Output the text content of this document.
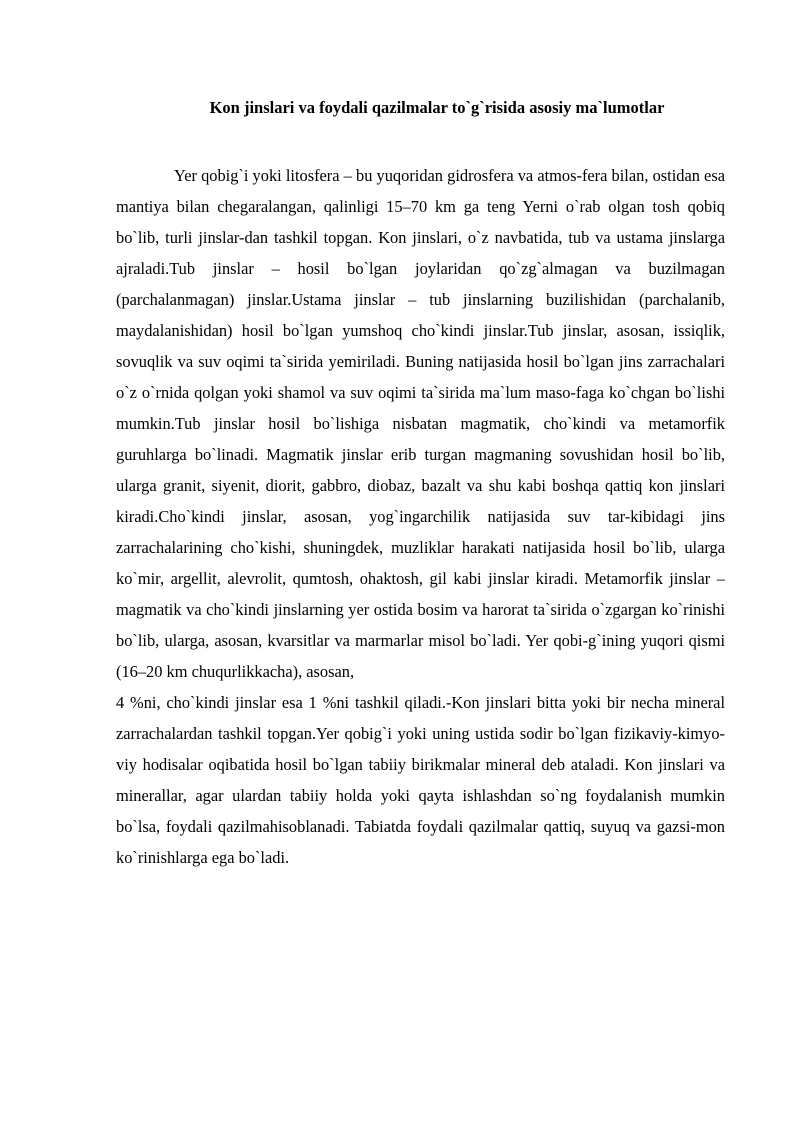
Kon jinslari va foydali qazilmalar to`g`risida asosiy ma`lumotlar

Yer qobig`i yoki litosfera – bu yuqoridan gidrosfera va atmos-fera bilan, ostidan esa mantiya bilan chegaralangan, qalinligi 15–70 km ga teng Yerni o`rab olgan tosh qobiq bo`lib, turli jinslar-dan tashkil topgan. Kon jinslari, o`z navbatida, tub va ustama jinslarga ajraladi.Tub jinslar – hosil bo`lgan joylaridan qo`zg`almagan va buzilmagan (parchalanmagan) jinslar.Ustama jinslar – tub jinslarning buzilishidan (parchalanib, maydalanishidan) hosil bo`lgan yumshoq cho`kindi jinslar.Tub jinslar, asosan, issiqlik, sovuqlik va suv oqimi ta`sirida yemiriladi. Buning natijasida hosil bo`lgan jins zarrachalari o`z o`rnida qolgan yoki shamol va suv oqimi ta`sirida ma`lum maso-faga ko`chgan bo`lishi mumkin.Tub jinslar hosil bo`lishiga nisbatan magmatik, cho`kindi va metamorfik guruhlarga bo`linadi. Magmatik jinslar erib turgan magmaning sovushidan hosil bo`lib, ularga granit, siyenit, diorit, gabbro, diobaz, bazalt va shu kabi boshqa qattiq kon jinslari kiradi.Cho`kindi jinslar, asosan, yog`ingarchilik natijasida suv tar-kibidagi jins zarrachalarining cho`kishi, shuningdek, muzliklar harakati natijasida hosil bo`lib, ularga ko`mir, argellit, alevrolit, qumtosh, ohaktosh, gil kabi jinslar kiradi. Metamorfik jinslar – magmatik va cho`kindi jinslarning yer ostida bosim va harorat ta`sirida o`zgargan ko`rinishi bo`lib, ularga, asosan, kvarsitlar va marmarlar misol bo`ladi. Yer qobi-g`ining yuqori qismi (16–20 km chuqurlikkacha), asosan,

4 %ni, cho`kindi jinslar esa 1 %ni tashkil qiladi.-Kon jinslari bitta yoki bir necha mineral zarrachalardan tashkil topgan.Yer qobig`i yoki uning ustida sodir bo`lgan fizikaviy-kimyo-viy hodisalar oqibatida hosil bo`lgan tabiiy birikmalar mineral deb ataladi. Kon jinslari va minerallar, agar ulardan tabiiy holda yoki qayta ishlashdan so`ng foydalanish mumkin bo`lsa, foydali qazilmahisoblanadi. Tabiatda foydali qazilmalar qattiq, suyuq va gazsi-mon ko`rinishlarga ega bo`ladi.
